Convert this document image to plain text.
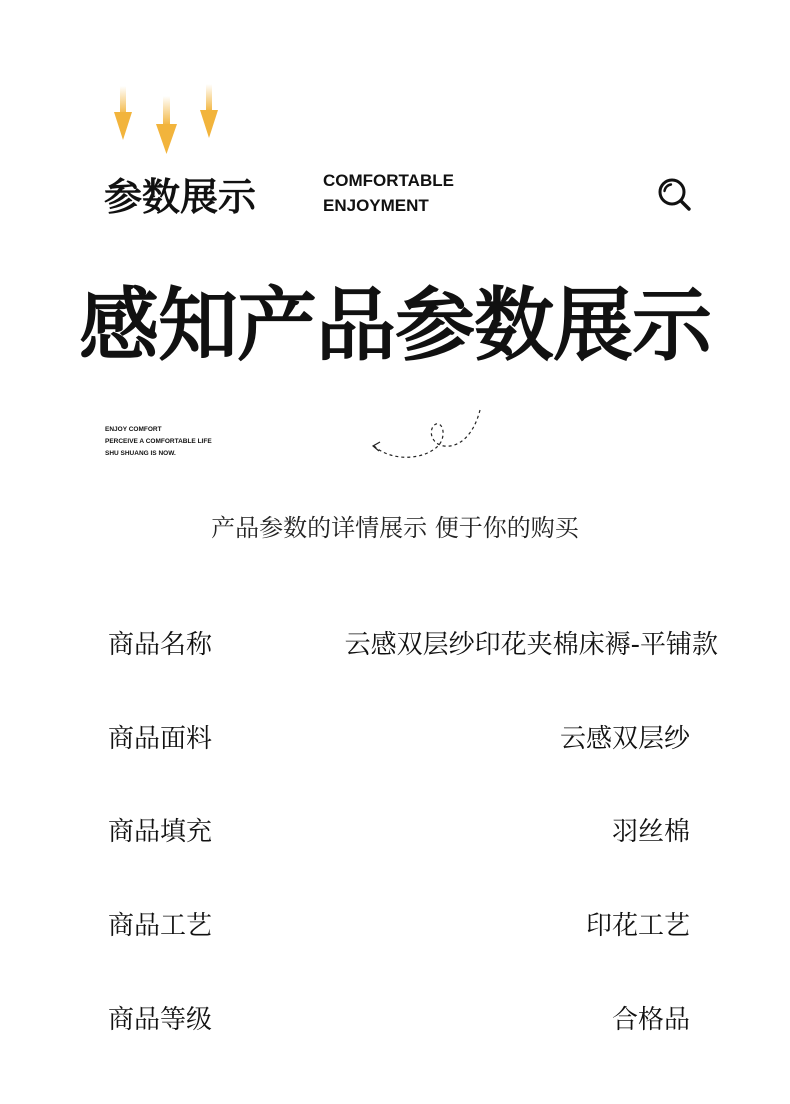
参数展示	COMFORTABLE
ENJOYMENT
感知产品参数展示
ENJOY COMFORT
PERCEIVE A COMFORTABLE LIFE
SHU SHUANG IS NOW.
产品参数的详情展示 便于你的购买
商品名称	云感双层纱印花夹棉床褥-平铺款
商品面料	云感双层纱
商品填充	羽丝棉
商品工艺	印花工艺
商品等级	合格品
